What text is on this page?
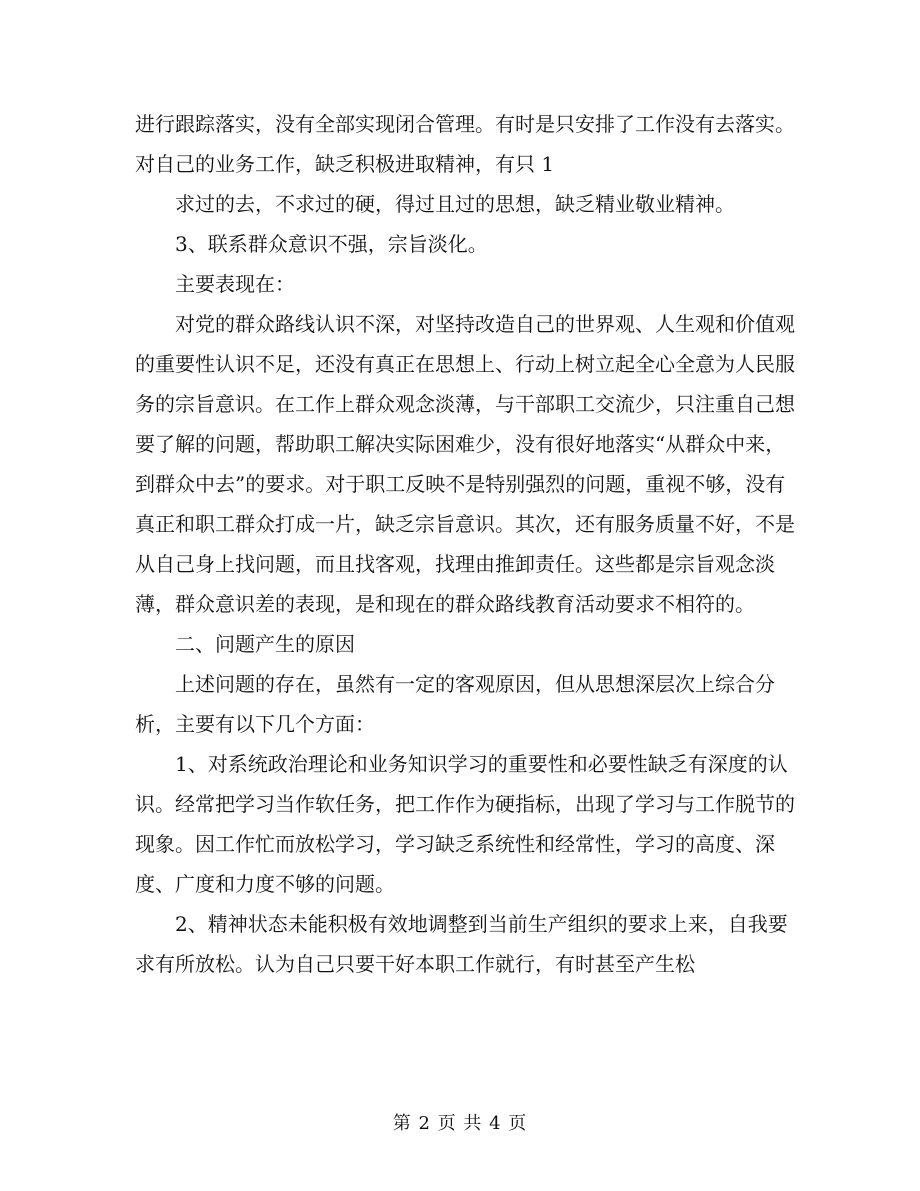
进行跟踪落实，没有全部实现闭合管理。有时是只安排了工作没有去落实。对自己的业务工作，缺乏积极进取精神，有只 1

求过的去，不求过的硬，得过且过的思想，缺乏精业敬业精神。

3、联系群众意识不强，宗旨淡化。

主要表现在：

对党的群众路线认识不深，对坚持改造自己的世界观、人生观和价值观的重要性认识不足，还没有真正在思想上、行动上树立起全心全意为人民服务的宗旨意识。在工作上群众观念淡薄，与干部职工交流少，只注重自己想要了解的问题，帮助职工解决实际困难少，没有很好地落实“从群众中来，到群众中去”的要求。对于职工反映不是特别强烈的问题，重视不够，没有真正和职工群众打成一片，缺乏宗旨意识。其次，还有服务质量不好，不是从自己身上找问题，而且找客观，找理由推卸责任。这些都是宗旨观念淡薄，群众意识差的表现，是和现在的群众路线教育活动要求不相符的。

二、问题产生的原因

上述问题的存在，虽然有一定的客观原因，但从思想深层次上综合分析，主要有以下几个方面：

1、对系统政治理论和业务知识学习的重要性和必要性缺乏有深度的认识。经常把学习当作软任务，把工作作为硬指标，出现了学习与工作脱节的现象。因工作忙而放松学习，学习缺乏系统性和经常性，学习的高度、深度、广度和力度不够的问题。

2、精神状态未能积极有效地调整到当前生产组织的要求上来，自我要求有所放松。认为自己只要干好本职工作就行，有时甚至产生松

第 2 页 共 4 页
